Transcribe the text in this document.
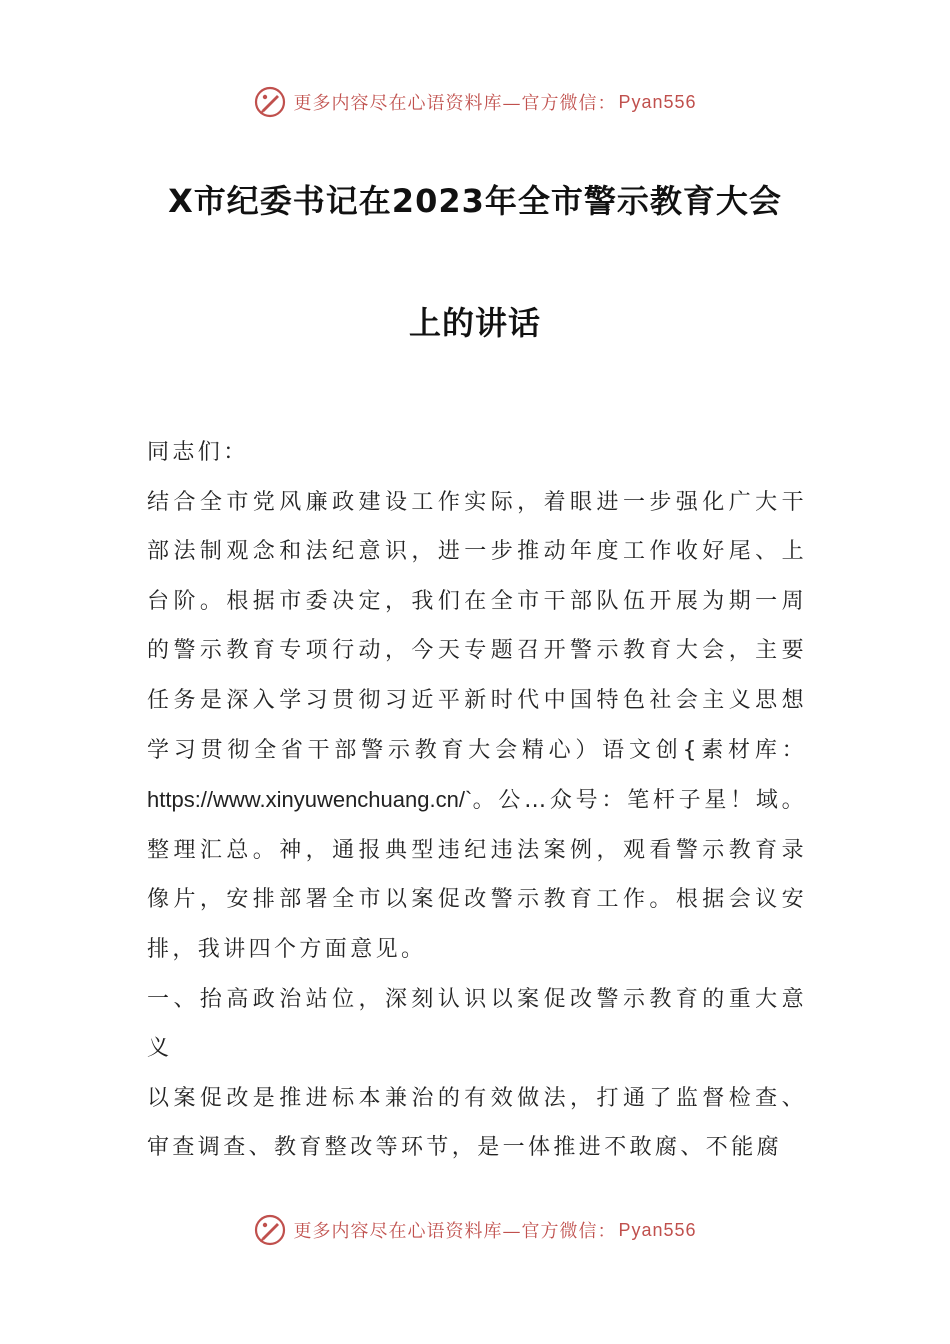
更多内容尽在心语资料库—官方微信： Pyan556
X市纪委书记在2023年全市警示教育大会
上的讲话

同志们：

结合全市党风廉政建设工作实际，着眼进一步强化广大干部法制观念和法纪意识，进一步推动年度工作收好尾、上台阶。根据市委决定，我们在全市干部队伍开展为期一周的警示教育专项行动，今天专题召开警示教育大会，主要任务是深入学习贯彻习近平新时代中国特色社会主义思想学习贯彻全省干部警示教育大会精心）语文创{素材库：https://www.xinyuwenchuang.cn/`。公…众号：笔杆子星！域。整理汇总。神，通报典型违纪违法案例，观看警示教育录像片，安排部署全市以案促改警示教育工作。根据会议安排，我讲四个方面意见。

一、抬高政治站位，深刻认识以案促改警示教育的重大意义

以案促改是推进标本兼治的有效做法，打通了监督检查、审查调查、教育整改等环节，是一体推进不敢腐、不能腐

更多内容尽在心语资料库—官方微信： Pyan556
